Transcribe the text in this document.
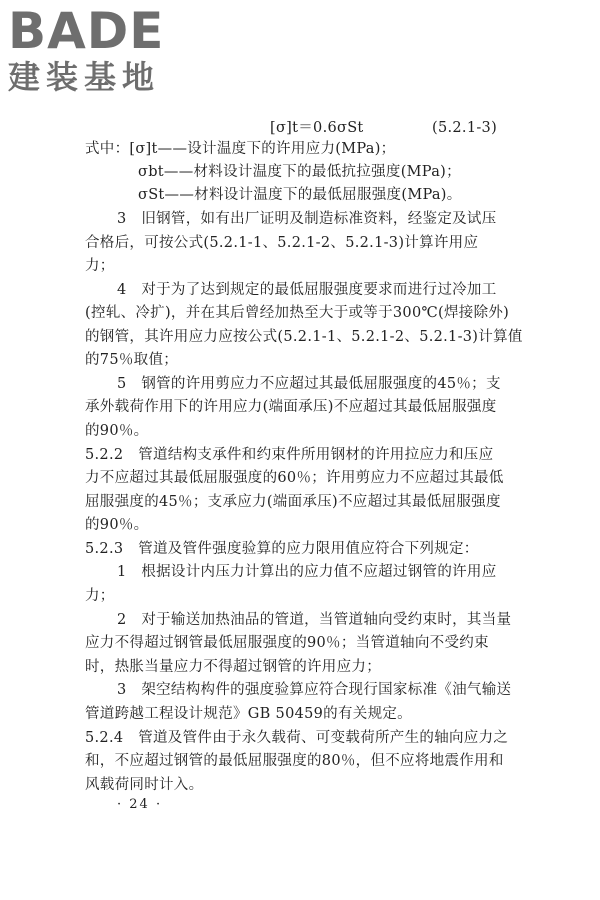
BADE
建装基地
[σ]t＝0.6σSt	(5.2.1-3)
式中：[σ]t——设计温度下的许用应力(MPa)；
σbt——材料设计温度下的最低抗拉强度(MPa)；
σSt——材料设计温度下的最低屈服强度(MPa)。
3　旧钢管，如有出厂证明及制造标准资料，经鉴定及试压
合格后，可按公式(5.2.1-1、5.2.1-2、5.2.1-3)计算许用应
力；
4　对于为了达到规定的最低屈服强度要求而进行过冷加工
(控轧、冷扩)，并在其后曾经加热至大于或等于300℃(焊接除外)
的钢管，其许用应力应按公式(5.2.1-1、5.2.1-2、5.2.1-3)计算值
的75％取值；
5　钢管的许用剪应力不应超过其最低屈服强度的45％；支
承外载荷作用下的许用应力(端面承压)不应超过其最低屈服强度
的90％。
5.2.2　管道结构支承件和约束件所用钢材的许用拉应力和压应
力不应超过其最低屈服强度的60％；许用剪应力不应超过其最低
屈服强度的45％；支承应力(端面承压)不应超过其最低屈服强度
的90％。
5.2.3　管道及管件强度验算的应力限用值应符合下列规定：
1　根据设计内压力计算出的应力值不应超过钢管的许用应
力；
2　对于输送加热油品的管道，当管道轴向受约束时，其当量
应力不得超过钢管最低屈服强度的90％；当管道轴向不受约束
时，热胀当量应力不得超过钢管的许用应力；
3　架空结构构件的强度验算应符合现行国家标准《油气输送
管道跨越工程设计规范》GB 50459的有关规定。
5.2.4　管道及管件由于永久载荷、可变载荷所产生的轴向应力之
和，不应超过钢管的最低屈服强度的80％，但不应将地震作用和
风载荷同时计入。
· 24 ·
